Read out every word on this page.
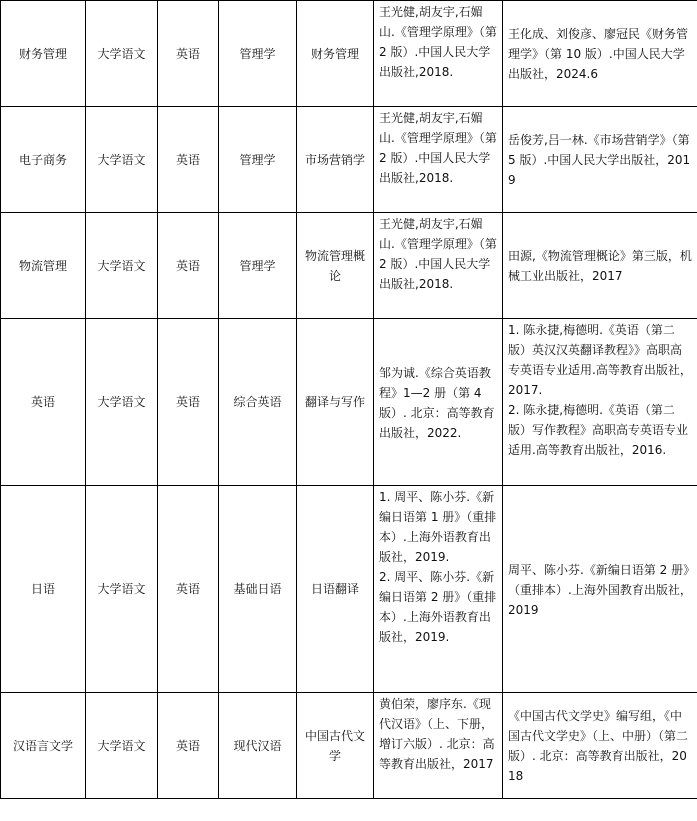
财务管理	大学语文	英语	管理学	财务管理	王光健,胡友宇,石媚山.《管理学原理》（第 2 版）.中国人民大学出版社,2018.	王化成、刘俊彦、廖冠民《财务管理学》（第 10 版）.中国人民大学出版社，2024.6

电子商务	大学语文	英语	管理学	市场营销学	王光健,胡友宇,石媚山.《管理学原理》（第 2 版）.中国人民大学出版社,2018.	岳俊芳,吕一林.《市场营销学》（第 5 版）.中国人民大学出版社，2019

物流管理	大学语文	英语	管理学	物流管理概论	王光健,胡友宇,石媚山.《管理学原理》（第 2 版）.中国人民大学出版社,2018.	田源,《物流管理概论》第三版，机械工业出版社，2017

英语	大学语文	英语	综合英语	翻译与写作	邹为诚.《综合英语教程》1—2 册（第 4 版）. 北京：高等教育出版社，2022.	1. 陈永捷,梅德明.《英语（第二版）英汉汉英翻译教程》》高职高专英语专业适用.高等教育出版社，2017.
2. 陈永捷,梅德明.《英语（第二版）写作教程》高职高专英语专业适用.高等教育出版社，2016.

日语	大学语文	英语	基础日语	日语翻译	1. 周平、陈小芬.《新编日语第 1 册》（重排本）.上海外语教育出版社，2019.
2. 周平、陈小芬.《新编日语第 2 册》（重排本）.上海外语教育出版社，2019.	周平、陈小芬.《新编日语第 2 册》（重排本）.上海外国教育出版社，2019

汉语言文学	大学语文	英语	现代汉语	中国古代文学	黄伯荣，廖序东.《现代汉语》（上、下册，增订六版）. 北京：高等教育出版社，2017	《中国古代文学史》编写组，《中国古代文学史》（上、中册）（第二版）. 北京：高等教育出版社，2018
